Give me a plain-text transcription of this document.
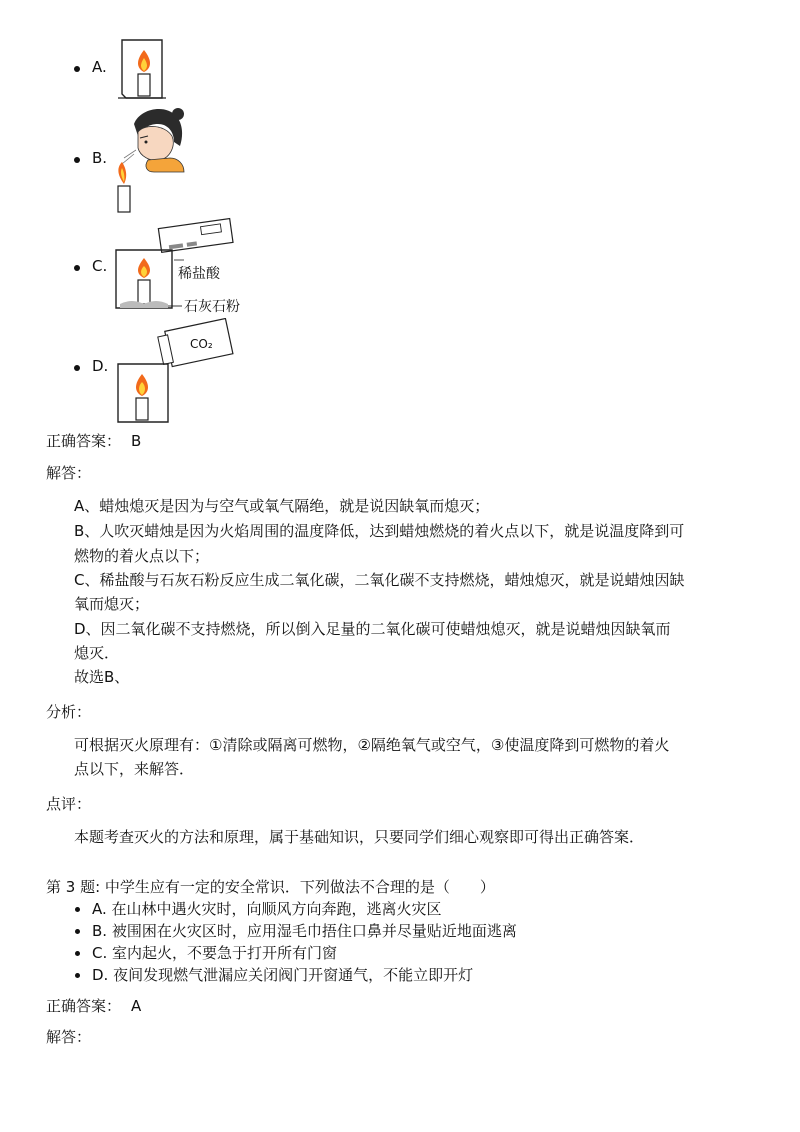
A.
B.
C.	稀盐酸
石灰石粉
D.
CO₂
正确答案： B
解答：
A、蜡烛熄灭是因为与空气或氧气隔绝，就是说因缺氧而熄灭；
B、人吹灭蜡烛是因为火焰周围的温度降低，达到蜡烛燃烧的着火点以下，就是说温度降到可
燃物的着火点以下；
C、稀盐酸与石灰石粉反应生成二氧化碳，二氧化碳不支持燃烧，蜡烛熄灭，就是说蜡烛因缺
氧而熄灭；
D、因二氧化碳不支持燃烧，所以倒入足量的二氧化碳可使蜡烛熄灭，就是说蜡烛因缺氧而
熄灭．
故选B、
分析：
可根据灭火原理有：①清除或隔离可燃物，②隔绝氧气或空气，③使温度降到可燃物的着火
点以下，来解答．
点评：
本题考查灭火的方法和原理，属于基础知识，只要同学们细心观察即可得出正确答案．
第 3 题: 中学生应有一定的安全常识．下列做法不合理的是（　　）
A. 在山林中遇火灾时，向顺风方向奔跑，逃离火灾区
B. 被围困在火灾区时，应用湿毛巾捂住口鼻并尽量贴近地面逃离
C. 室内起火，不要急于打开所有门窗
D. 夜间发现燃气泄漏应关闭阀门开窗通气，不能立即开灯
正确答案： A
解答：
